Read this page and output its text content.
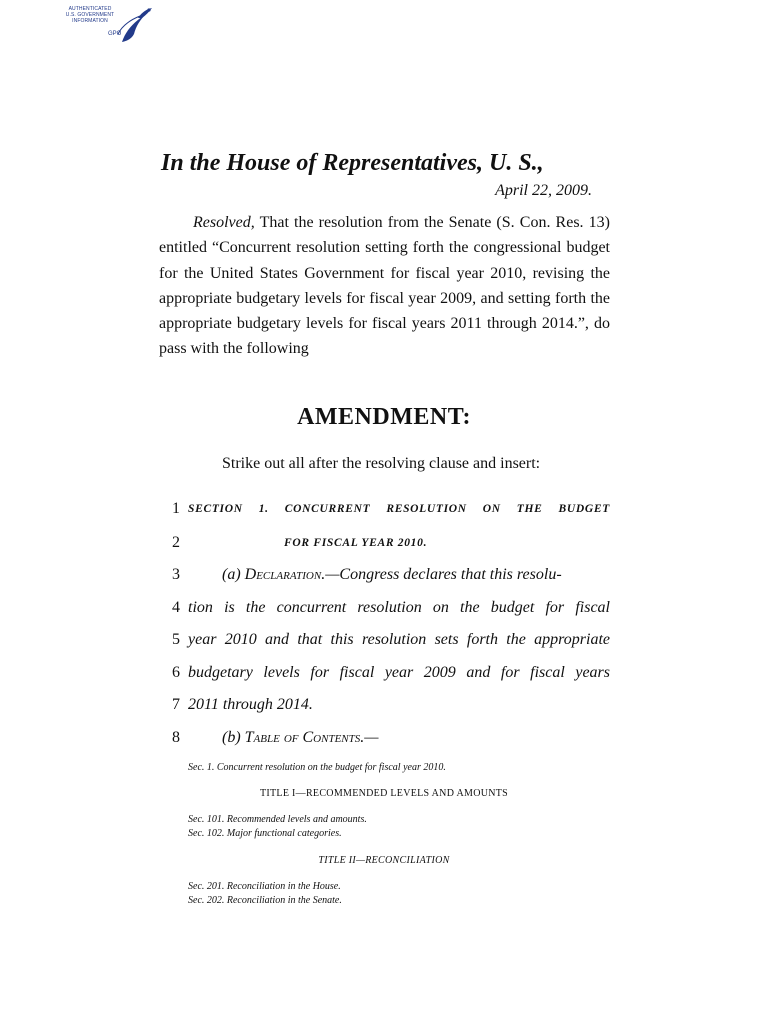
AUTHENTICATED
U.S. GOVERNMENT
INFORMATION
GPO
In the House of Representatives, U. S.,
April 22, 2009.

Resolved, That the resolution from the Senate (S. Con. Res. 13) entitled “Concurrent resolution setting forth the congressional budget for the United States Government for fiscal year 2010, revising the appropriate budgetary levels for fiscal year 2009, and setting forth the appropriate budgetary levels for fiscal years 2011 through 2014.”, do pass with the following

AMENDMENT:

Strike out all after the resolving clause and insert:

1
2
3
4
5
6
7
8
SECTION 1. CONCURRENT RESOLUTION ON THE BUDGET
FOR FISCAL YEAR 2010.
(a) Declaration.—Congress declares that this resolu-
tion is the concurrent resolution on the budget for fiscal
year 2010 and that this resolution sets forth the appropriate
budgetary levels for fiscal year 2009 and for fiscal years
2011 through 2014.
(b) Table of Contents.—
Sec. 1. Concurrent resolution on the budget for fiscal year 2010.
TITLE I—RECOMMENDED LEVELS AND AMOUNTS
Sec. 101. Recommended levels and amounts.
Sec. 102. Major functional categories.
TITLE II—RECONCILIATION
Sec. 201. Reconciliation in the House.
Sec. 202. Reconciliation in the Senate.
